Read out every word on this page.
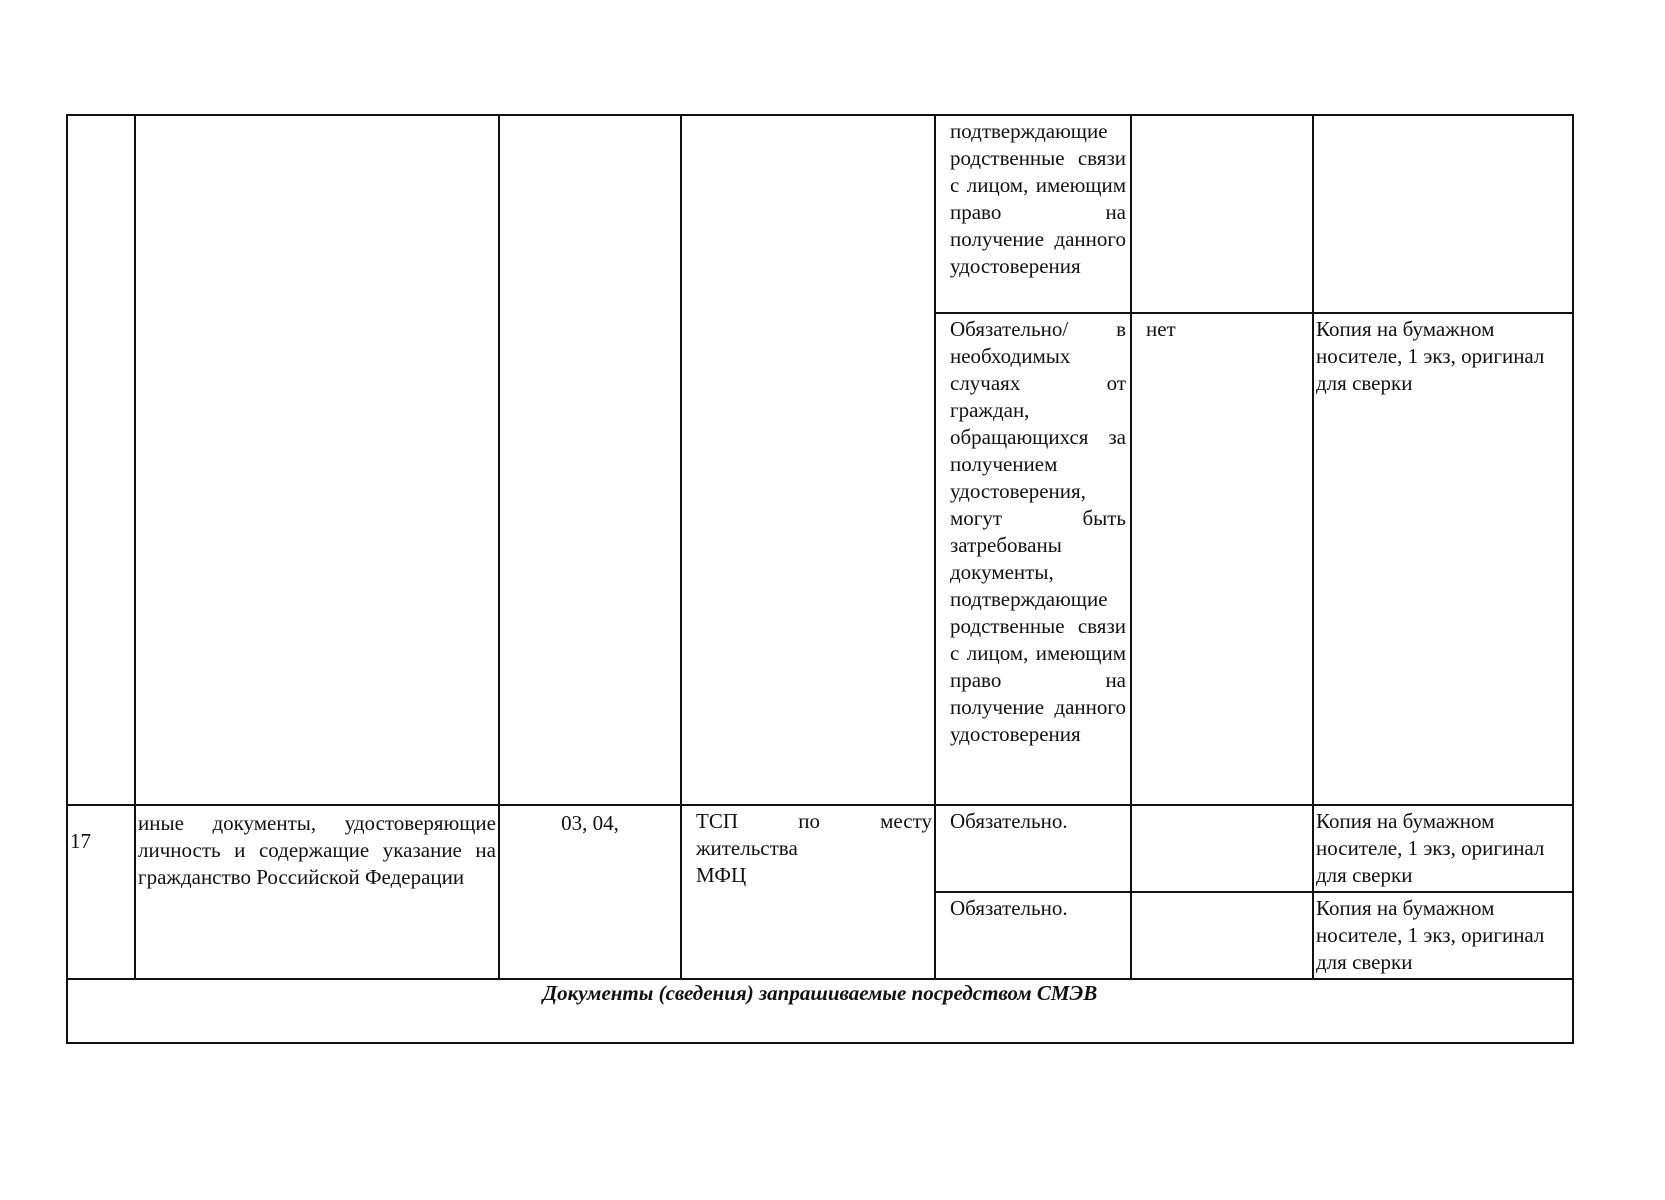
				подтверждающие родственные связи с лицом, имеющим право на получение данного удостоверения		

				Обязательно/ в необходимых случаях от граждан, обращающихся за получением удостоверения, могут быть затребованы документы, подтверждающие родственные связи с лицом, имеющим право на получение данного удостоверения	нет	Копия на бумажном носителе, 1 экз, оригинал для сверки

17	иные документы, удостоверяющие личность и содержащие указание на гражданство Российской Федерации	03, 04,	ТСП по месту
жительства
МФЦ	Обязательно.		Копия на бумажном носителе, 1 экз, оригинал для сверки

				Обязательно.		Копия на бумажном носителе, 1 экз, оригинал для сверки

Документы (сведения) запрашиваемые посредством СМЭВ						
